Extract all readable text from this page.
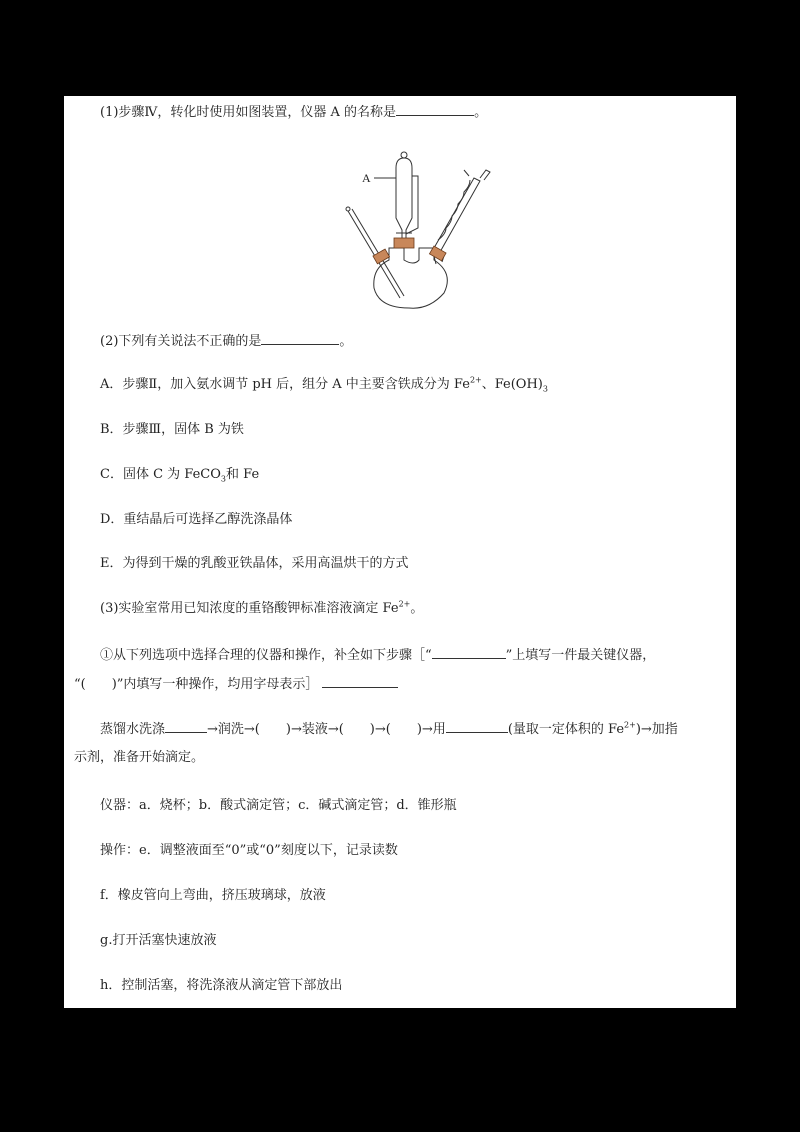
(1)步骤Ⅳ，转化时使用如图装置，仪器 A 的名称是	。
A
(2)下列有关说法不正确的是	。
A．步骤Ⅱ，加入氨水调节 pH 后，组分 A 中主要含铁成分为 $Fe^{2+}$、$Fe(OH)_3$
B．步骤Ⅲ，固体 B 为铁
C．固体 C 为 FeCO$_3$和 Fe
D．重结晶后可选择乙醇洗涤晶体
E．为得到干燥的乳酸亚铁晶体，采用高温烘干的方式
(3)实验室常用已知浓度的重铬酸钾标准溶液滴定 $Fe^{2+}$。
①从下列选项中选择合理的仪器和操作，补全如下步骤［“	”上填写一件最关键仪器，
“(　　)”内填写一种操作，均用字母表示］
蒸馏水洗涤	→润洗→(　　)→装液→(　　)→(　　)→用	(量取一定体积的 $Fe^{2+})\to$加指
示剂，准备开始滴定。
仪器：a．烧杯；b．酸式滴定管；c．碱式滴定管；d．锥形瓶
操作：e．调整液面至“0”或“0”刻度以下，记录读数
f．橡皮管向上弯曲，挤压玻璃球，放液
g.打开活塞快速放液
h．控制活塞，将洗涤液从滴定管下部放出
